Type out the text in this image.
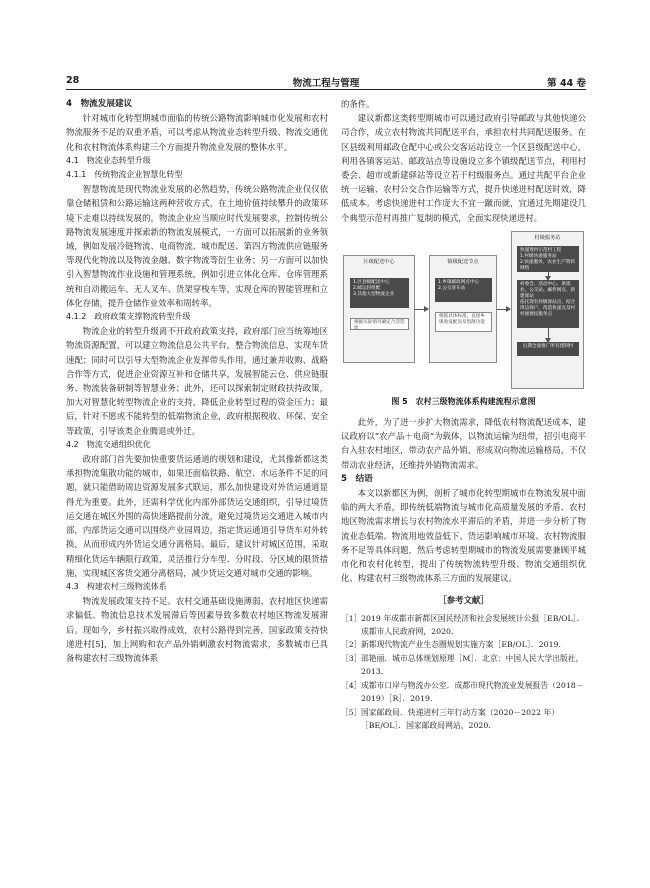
28	物流工程与管理	第 44 卷

4　物流发展建议

针对城市化转型期城市面临的传统公路物流影响城市化发展和农村物流服务不足的双重矛盾，可以考虑从物流业态转型升级、物流交通优化和农村物流体系构建三个方面提升物流业发展的整体水平。

4.1　物流业态转型升级

4.1.1　传统物流企业智慧化转型

智慧物流是现代物流业发展的必然趋势，传统公路物流企业仅仅依靠仓储租赁和公路运输这两种营收方式，在土地价值持续攀升的政策环境下走难以持续发展的。物流企业应当顺应时代发展要求，控制传统公路物流发展速度并探索新的物流发展模式，一方面可以拓展新的业务领域，例如发展冷链物流、电商物流、城市配送、第四方物流供应链服务等现代化物流以及物流金融、数字物流等衍生业务；另一方面可以加快引入智慧物流作业设施和管理系统，例如引进立体化仓库、仓库管理系统和自动搬运车、无人叉车、货架穿梭车等，实现仓库的智能管理和立体化存储，提升仓储作业效率和周转率。

4.1.2　政府政策支撑物流转型升级

物流企业的转型升级离不开政府政策支持，政府部门应当统筹地区物流资源配置，可以建立物流信息公共平台，整合物流信息，实现车货速配；同时可以引导大型物流企业发挥带头作用，通过兼并收购、战略合作等方式，促进企业资源互补和仓储共享，发展智能云仓、供应链服务、物流装备研制等智慧业务；此外，还可以探索制定财政扶持政策，加大对智慧化转型物流企业的支持，降低企业转型过程的资金压力；最后，针对不愿或不能转型的低端物流企业，政府根据税收、环保、安全等政策，引导该类企业腾退或外迁。

4.2　物流交通组织优化

政府部门首先要加快重要货运通道的规划和建设，尤其像新都这类承担物流集散功能的城市，如果还面临铁路、航空、水运条件不足的问题，就只能借助周边资源发展多式联运，那么加快建设对外货运通道显得尤为重要。此外，还需科学优化内部外部货运交通组织，引导过境货运交通在城区外围的高快速路提前分流，避免过境货运交通进入城市内部，内部货运交通可以围绕产业园周边，指定货运通道引导货车对外转换，从而形成内外货运交通分离格局。最后，建议针对城区范围，采取精细化货运车辆限行政策，灵活推行分车型、分时段、分区域的限货措施，实现城区客货交通分离格局，减少货运交通对城市交通的影响。

4.3　构建农村三级物流体系

物流发展政策支持不足、农村交通基础设施薄弱、农村地区快递需求偏低、物流信息技术发展滞后等因素导致多数农村地区物流发展滞后。现如今，乡村振兴取得成效，农村公路得到完善，国家政策支持快递进村[5]，加上网购和农产品外销刺激农村物流需求，多数城市已具备构建农村三级物流体系

的条件。

建议新都这类转型期城市可以通过政府引导邮政与其他快递公司合作，成立农村物流共同配送平台，承担农村共同配送服务。在区县级利用邮政仓配中心或公交客运站设立一个区县级配送中心，利用各镇客运站、邮政站点等设施设立多个镇级配送节点，利用村委会、超市或新建驿站等设立若干村级服务点。通过共配平台企业统一运输、农村公交合作运输等方式，提升快递进村配送时效，降低成本。考虑快递进村工作庞大不宜一蹴而就，宜通过先期建设几个典型示范村再推广复制的模式，全面实现快递进村。

区级配送中心
1.区县级配送中心
2.邮运轻组配
3.其他大型物流企业
根据实际情况确定合适选址
镇级配送节点
1.乡镇邮政网点中心
2.公交客车站
根据具体标准、直接乡镇收发配送及集散功能
村级服务站
快递进村示范村工程
1.村级快递服务站
2.快递服务、农业生产资料网络
村委会、活动中心、供销社、公交站、邮件网点、新建驿站
依托现有村级驿站点，结合周边商户，改造快递点及村村通便民服务点
后期全面推广所有建制村

图 5　农村三级物流体系构建流程示意图

此外，为了进一步扩大物流需求，降低农村物流配送成本，建议政府以“农产品＋电商”为载体，以物流运输为纽带，招引电商平台入驻农村地区，带动农产品外销，形成双向物流运输格局，不仅带动农业经济，还维持外销物流需求。

5　结语

本文以新都区为例，剖析了城市化转型期城市在物流发展中面临的两大矛盾，即传统低端物流与城市化高质量发展的矛盾、农村地区物流需求增长与农村物流水平滞后的矛盾，并进一步分析了物流业态低端、物流用地效益低下、货运影响城市环境、农村物流服务不足等具体问题，然后考虑转型期城市的物流发展需要兼顾平城市化和农村化转型，提出了传统物流转型升级、物流交通组织优化、构建农村三级物流体系三方面的发展建议。

［参考文献］

［1］ 2019 年成都市新都区国民经济和社会发展统计公报［EB/OL］．成都市人民政府网，2020.
［2］ 新都现代物流产业生态圈规划实施方案［EB/OL］．2019.
［3］ 邵艳丽．城市总体规划原理［M］．北京：中国人民大学出版社，2013.
［4］ 成都市口岸与物流办公室．成都市现代物流业发展报告（2018－2019）［R］．2019.
［5］ 国家邮政局．快递进村三年行动方案（2020－2022 年）［BE/OL］．国家邮政局网站，2020.
